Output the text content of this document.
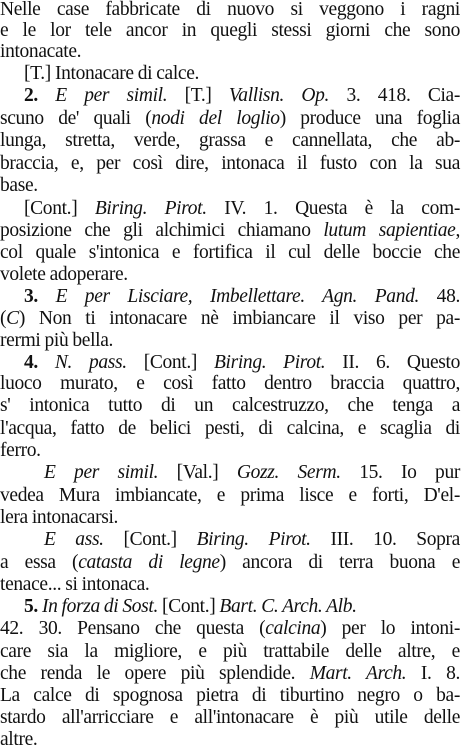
Nelle case fabbricate di nuovo si veggono i ragni
e le lor tele ancor in quegli stessi giorni che sono
intonacate.
[T.] Intonacare di calce.
2. E per simil. [T.] Vallisn. Op. 3. 418. Cia-
scuno de' quali (nodi del loglio) produce una foglia
lunga, stretta, verde, grassa e cannellata, che ab-
braccia, e, per così dire, intonaca il fusto con la sua
base.
[Cont.] Biring. Pirot. IV. 1. Questa è la com-
posizione che gli alchimici chiamano lutum sapientiae,
col quale s'intonica e fortifica il cul delle boccie che
volete adoperare.
3. E per Lisciare, Imbellettare. Agn. Pand. 48.
(C) Non ti intonacare nè imbiancare il viso per pa-
rermi più bella.
4. N. pass. [Cont.] Biring. Pirot. II. 6. Questo
luoco murato, e così fatto dentro braccia quattro,
s' intonica tutto di un calcestruzzo, che tenga a
l'acqua, fatto de belici pesti, di calcina, e scaglia di
ferro.
E per simil. [Val.] Gozz. Serm. 15. Io pur
vedea Mura imbiancate, e prima lisce e forti, D'el-
lera intonacarsi.
E ass. [Cont.] Biring. Pirot. III. 10. Sopra
a essa (catasta di legne) ancora di terra buona e
tenace... si intonaca.
5. In forza di Sost. [Cont.] Bart. C. Arch. Alb.
42. 30. Pensano che questa (calcina) per lo intoni-
care sia la migliore, e più trattabile delle altre, e
che renda le opere più splendide. Mart. Arch. I. 8.
La calce di spognosa pietra di tiburtino negro o ba-
stardo all'arricciare e all'intonacare è più utile delle
altre.
